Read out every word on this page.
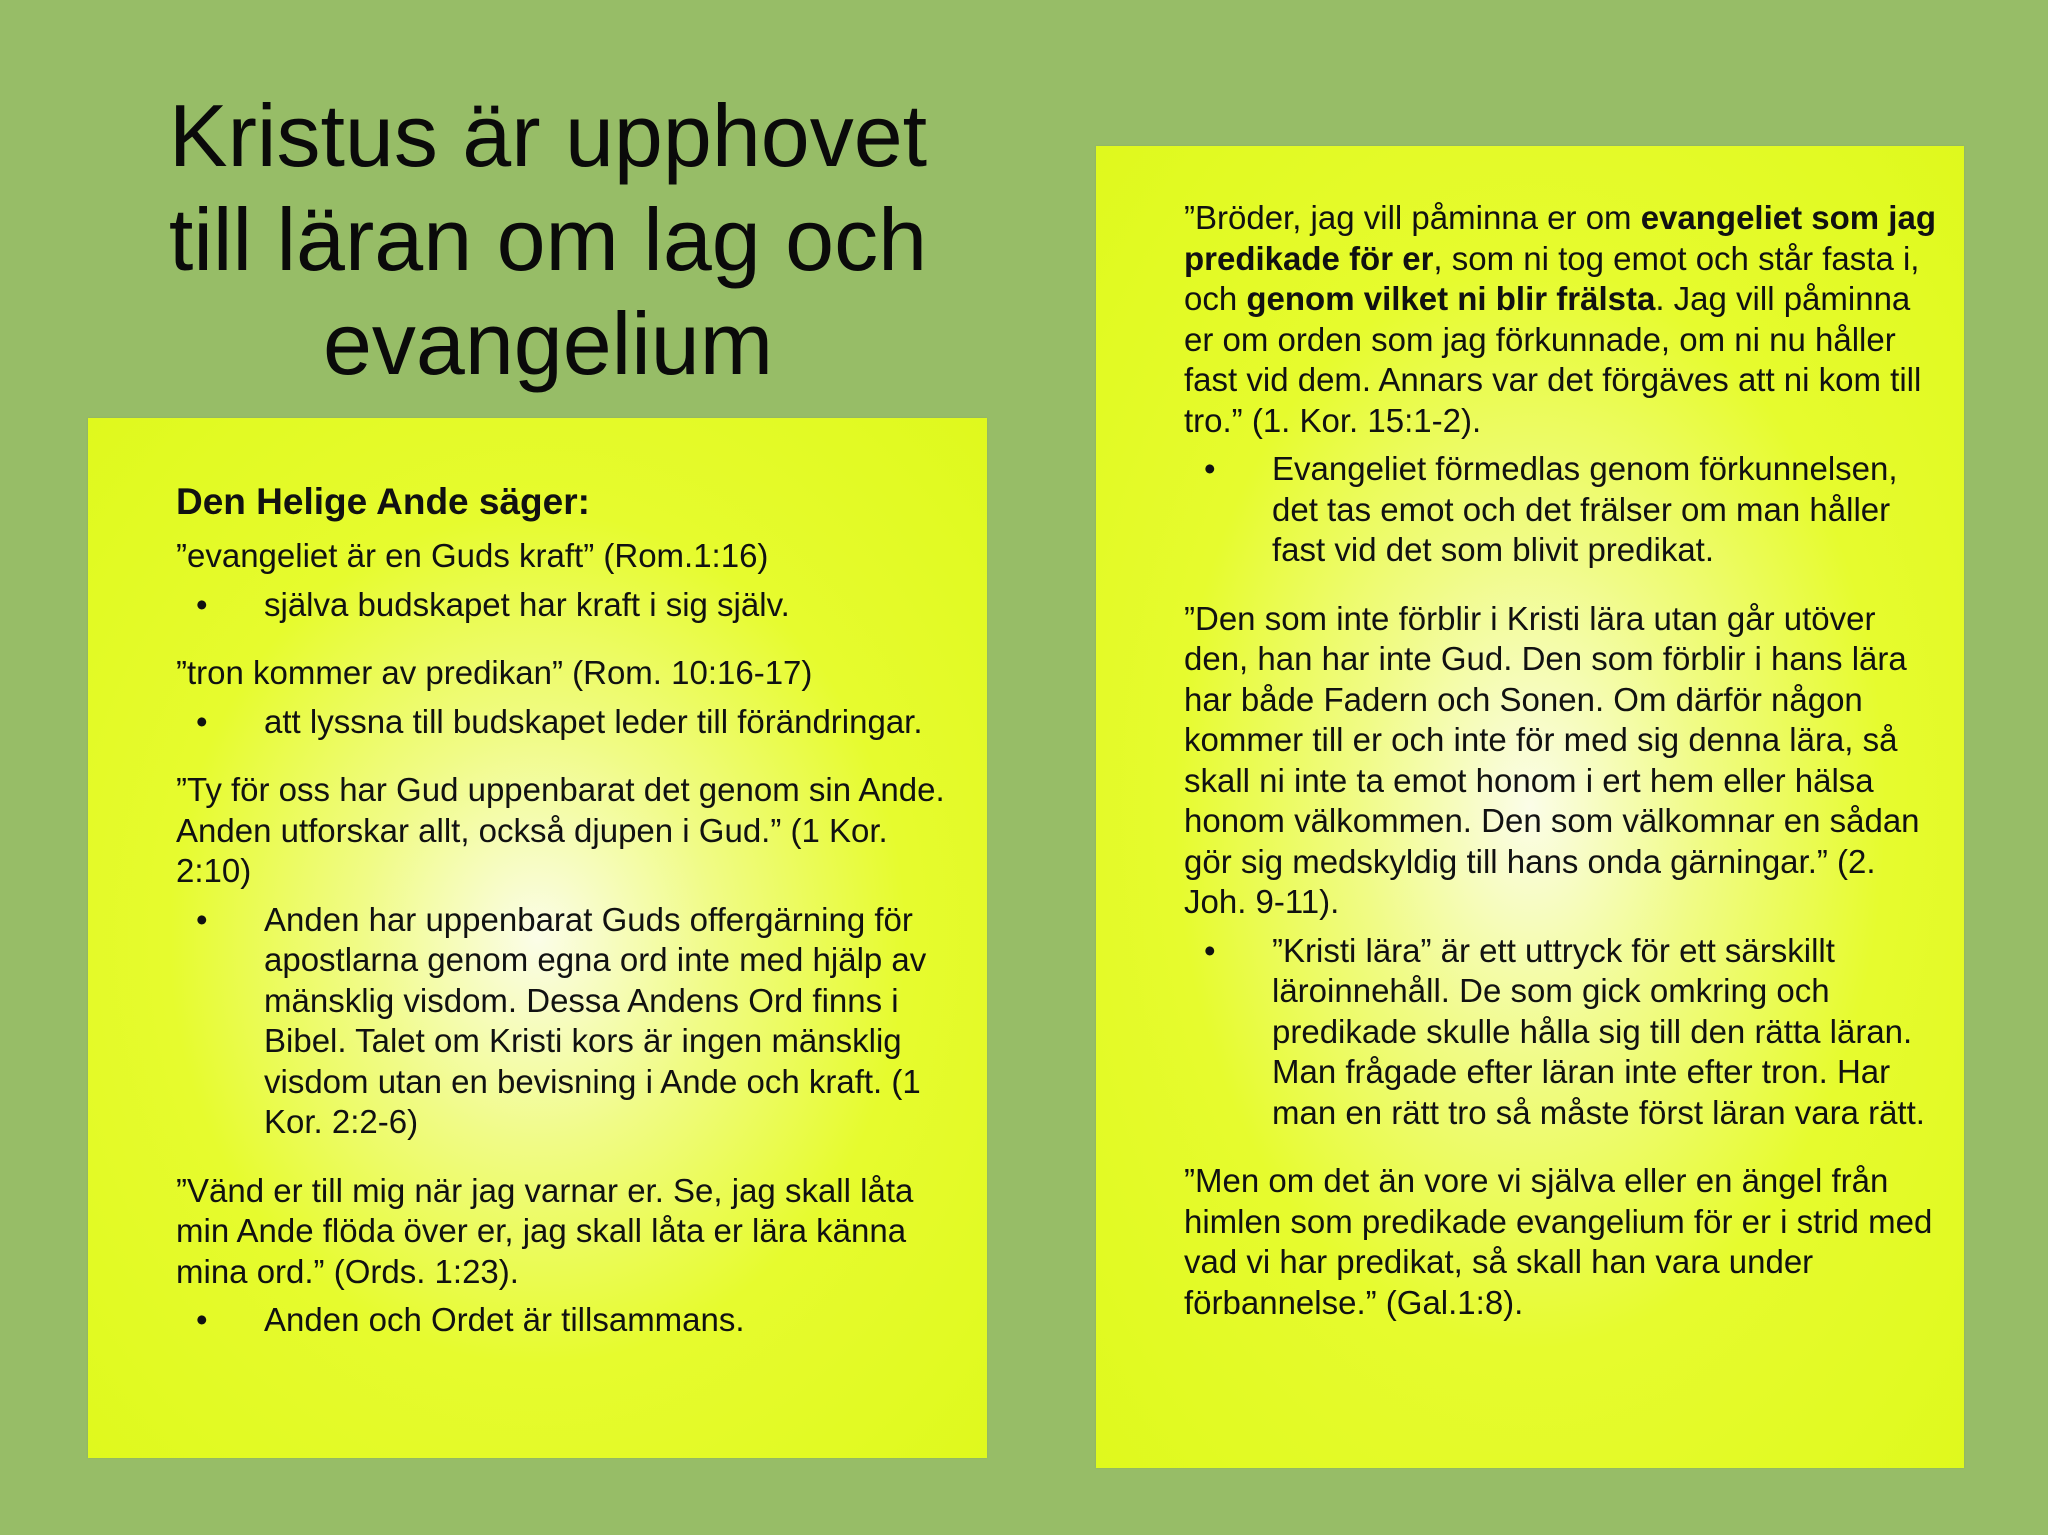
Kristus är upphovet
till läran om lag och
evangelium

Den Helige Ande säger:

”evangeliet är en Guds kraft” (Rom.1:16)

• själva budskapet har kraft i sig själv.

”tron kommer av predikan” (Rom. 10:16-17)

• att lyssna till budskapet leder till förändringar.

”Ty för oss har Gud uppenbarat det genom sin Ande. Anden utforskar allt, också djupen i Gud.” (1 Kor. 2:10)

• Anden har uppenbarat Guds offergärning för apostlarna genom egna ord inte med hjälp av mänsklig visdom. Dessa Andens Ord finns i Bibel. Talet om Kristi kors är ingen mänsklig visdom utan en bevisning i Ande och kraft. (1 Kor. 2:2-6)

”Vänd er till mig när jag varnar er. Se, jag skall låta min Ande flöda över er, jag skall låta er lära känna mina ord.” (Ords. 1:23).

• Anden och Ordet är tillsammans.

”Bröder, jag vill påminna er om evangeliet som jag predikade för er, som ni tog emot och står fasta i, och genom vilket ni blir frälsta. Jag vill påminna er om orden som jag förkunnade, om ni nu håller fast vid dem. Annars var det förgäves att ni kom till tro.” (1. Kor. 15:1-2).

• Evangeliet förmedlas genom förkunnelsen, det tas emot och det frälser om man håller fast vid det som blivit predikat.

”Den som inte förblir i Kristi lära utan går utöver den, han har inte Gud. Den som förblir i hans lära har både Fadern och Sonen. Om därför någon kommer till er och inte för med sig denna lära, så skall ni inte ta emot honom i ert hem eller hälsa honom välkommen. Den som välkomnar en sådan gör sig medskyldig till hans onda gärningar.” (2. Joh. 9-11).

• ”Kristi lära” är ett uttryck för ett särskillt läroinnehåll. De som gick omkring och predikade skulle hålla sig till den rätta läran. Man frågade efter läran inte efter tron. Har man en rätt tro så måste först läran vara rätt.

”Men om det än vore vi själva eller en ängel från himlen som predikade evangelium för er i strid med vad vi har predikat, så skall han vara under förbannelse.” (Gal.1:8).
